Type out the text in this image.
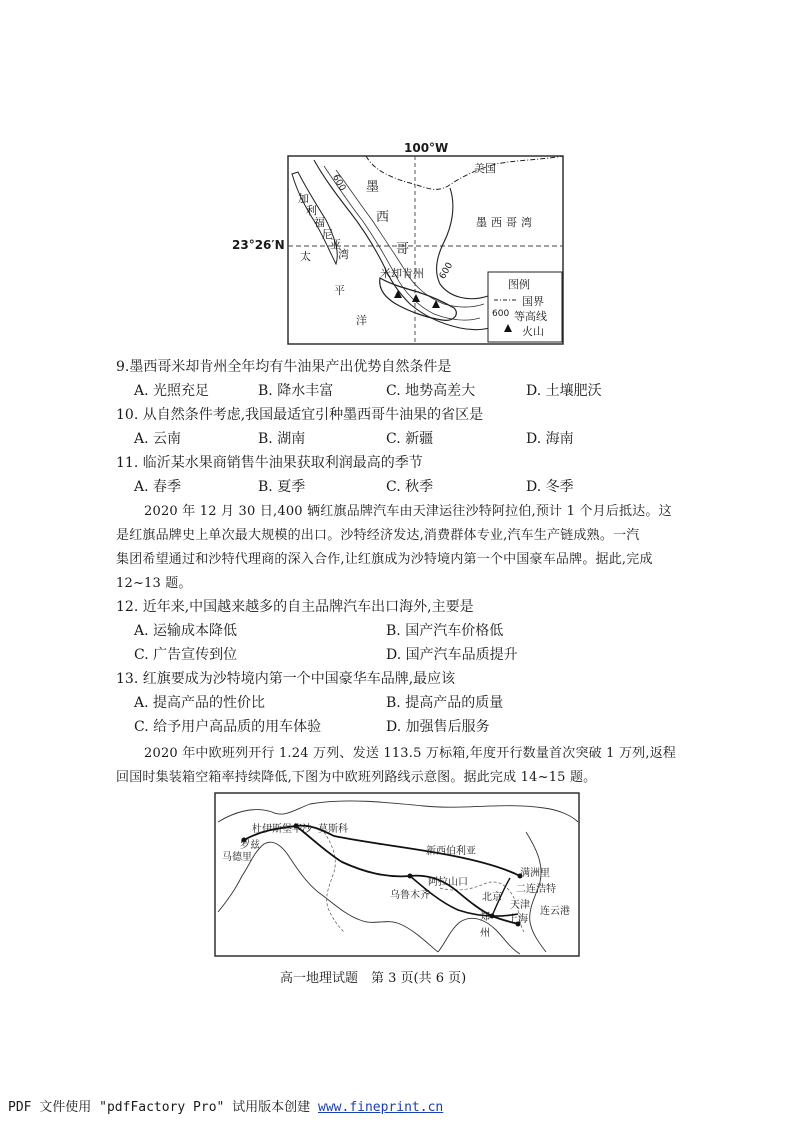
100°W
23°26′N
美国
墨
西
哥
墨西哥湾
加
利
福
尼
亚
湾
太
平
洋
米却肯州
600
600
图例
国界
600 等高线
火山
9.墨西哥米却肯州全年均有牛油果产出优势自然条件是
A. 光照充足	B. 降水丰富	C. 地势高差大	D. 土壤肥沃
10. 从自然条件考虑,我国最适宜引种墨西哥牛油果的省区是
A. 云南	B. 湖南	C. 新疆	D. 海南
11. 临沂某水果商销售牛油果获取利润最高的季节
A. 春季	B. 夏季	C. 秋季	D. 冬季
2020 年 12 月 30 日,400 辆红旗品牌汽车由天津运往沙特阿拉伯,预计 1 个月后抵达。这
是红旗品牌史上单次最大规模的出口。沙特经济发达,消费群体专业,汽车生产链成熟。一汽
集团希望通过和沙特代理商的深入合作,让红旗成为沙特境内第一个中国豪车品牌。据此,完成
12~13 题。
12. 近年来,中国越来越多的自主品牌汽车出口海外,主要是
A. 运输成本降低	B. 国产汽车价格低
C. 广告宣传到位	D. 国产汽车品质提升
13. 红旗要成为沙特境内第一个中国豪华车品牌,最应该
A. 提高产品的性价比	B. 提高产品的质量
C. 给予用户高品质的用车体验	D. 加强售后服务
2020 年中欧班列开行 1.24 万列、发送 113.5 万标箱,年度开行数量首次突破 1 万列,返程
回国时集装箱空箱率持续降低,下图为中欧班列路线示意图。据此完成 14~15 题。
杜伊斯堡 华沙 莫斯科
罗兹
马德里
新西伯利亚
阿拉山口
乌鲁木齐
满洲里
二连浩特
北京
天津
连云港
上海
郑
州
高一地理试题　第 3 页(共 6 页)
PDF 文件使用 "pdfFactory Pro" 试用版本创建 www.fineprint.cn
